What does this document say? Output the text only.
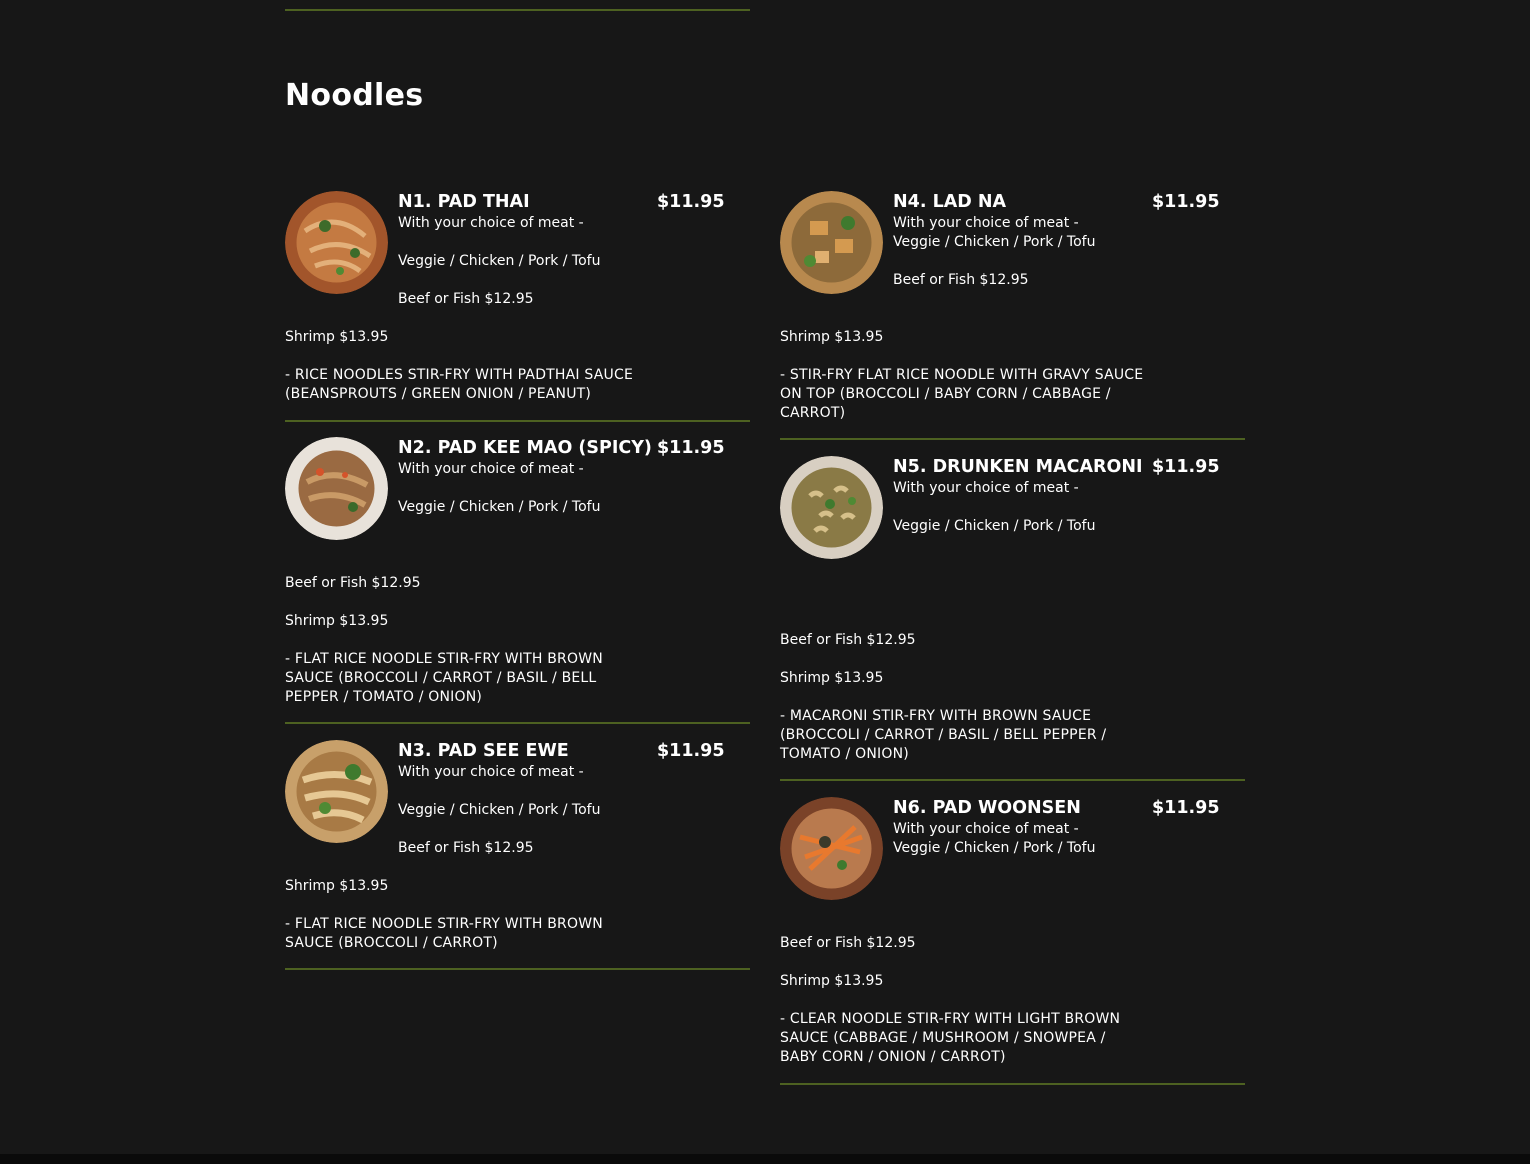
Noodles

N1. PAD THAI	$11.95

With your choice of meat -

Veggie / Chicken / Pork / Tofu

Beef or Fish $12.95

Shrimp $13.95

- RICE NOODLES STIR-FRY WITH PADTHAI SAUCE (BEANSPROUTS / GREEN ONION / PEANUT)

N2. PAD KEE MAO (SPICY) $11.95

With your choice of meat -

Veggie / Chicken / Pork / Tofu

Beef or Fish $12.95

Shrimp $13.95

- FLAT RICE NOODLE STIR-FRY WITH BROWN SAUCE (BROCCOLI / CARROT / BASIL / BELL PEPPER / TOMATO / ONION)

N3. PAD SEE EWE	$11.95

With your choice of meat -

Veggie / Chicken / Pork / Tofu

Beef or Fish $12.95

Shrimp $13.95

- FLAT RICE NOODLE STIR-FRY WITH BROWN SAUCE (BROCCOLI / CARROT)

N4. LAD NA	$11.95

With your choice of meat -

Veggie / Chicken / Pork / Tofu

Beef or Fish $12.95

Shrimp $13.95

- STIR-FRY FLAT RICE NOODLE WITH GRAVY SAUCE ON TOP (BROCCOLI / BABY CORN / CABBAGE / CARROT)

N5. DRUNKEN MACARONI $11.95

With your choice of meat -

Veggie / Chicken / Pork / Tofu

Beef or Fish $12.95

Shrimp $13.95

- MACARONI STIR-FRY WITH BROWN SAUCE (BROCCOLI / CARROT / BASIL / BELL PEPPER / TOMATO / ONION)

N6. PAD WOONSEN	$11.95

With your choice of meat -

Veggie / Chicken / Pork / Tofu

Beef or Fish $12.95

Shrimp $13.95

- CLEAR NOODLE STIR-FRY WITH LIGHT BROWN SAUCE (CABBAGE / MUSHROOM / SNOWPEA / BABY CORN / ONION / CARROT)
